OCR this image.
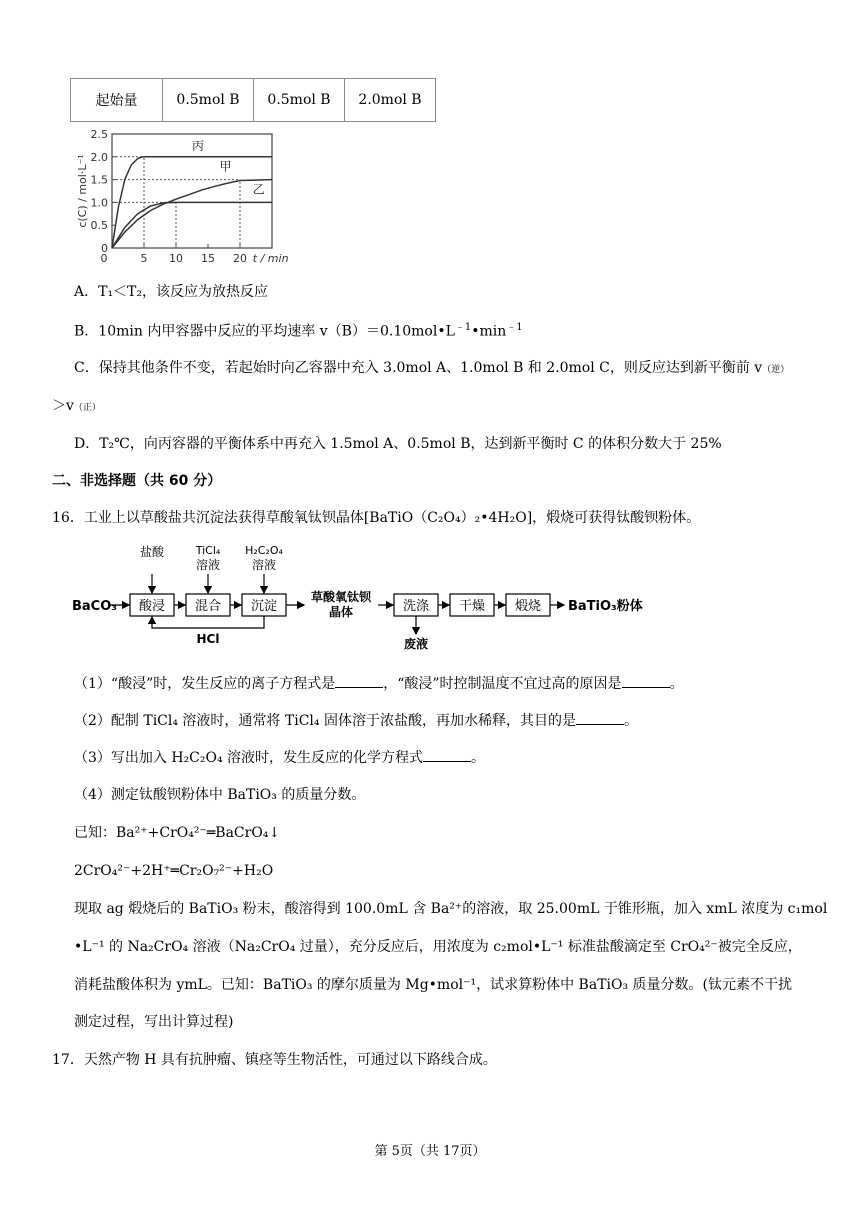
起始量	0.5mol B	0.5mol B	2.0mol B
0
0.5
1.0
1.5
2.0
2.5
0	5 10 15 20 t / min
c(C) / mol·L⁻¹
丙
甲
乙
A．T₁＜T₂，该反应为放热反应
B．10min 内甲容器中反应的平均速率 $v(B)=0.10mol•L^{﹣1}•\min^{﹣1}$
C．保持其他条件不变，若起始时向乙容器中充入 3.0mol A、1.0mol B 和 2.0mol C，则反应达到新平衡前 v（逆）
＞v（正）
D．T₂℃，向丙容器的平衡体系中再充入 1.5mol A、0.5mol B，达到新平衡时 C 的体积分数大于 25%
二、非选择题（共 60 分）
16．工业上以草酸盐共沉淀法获得草酸氧钛钡晶体[BaTiO（C₂O₄）₂•4H₂O]，煅烧可获得钛酸钡粉体。
BaCO₃
盐酸	TiCl₄
溶液
H₂C₂O₄
溶液
酸浸 混合 沉淀
草酸氧钛钡
晶体	洗涤 干燥 煅烧 BaTiO₃粉体
HCl	废液
（1）“酸浸”时，发生反应的离子方程式是	，“酸浸”时控制温度不宜过高的原因是	。
（2）配制 TiCl₄ 溶液时，通常将 TiCl₄ 固体溶于浓盐酸，再加水稀释，其目的是	。
（3）写出加入 H₂C₂O₄ 溶液时，发生反应的化学方程式	。
（4）测定钛酸钡粉体中 BaTiO₃ 的质量分数。
已知：Ba²⁺+CrO₄²⁻═BaCrO₄↓
2CrO₄²⁻+2H⁺═Cr₂O₇²⁻+H₂O
现取 ag 煅烧后的 BaTiO₃ 粉末，酸溶得到 100.0mL 含 Ba²⁺的溶液，取 25.00mL 于锥形瓶，加入 xmL 浓度为 c₁mol
•L⁻¹ 的 Na₂CrO₄ 溶液（Na₂CrO₄ 过量），充分反应后，用浓度为 c₂mol•L⁻¹ 标准盐酸滴定至 CrO₄²⁻被完全反应，
消耗盐酸体积为 ymL。已知：BaTiO₃ 的摩尔质量为 Mg•mol⁻¹，试求算粉体中 BaTiO₃ 质量分数。(钛元素不干扰
测定过程，写出计算过程)
17．天然产物 H 具有抗肿瘤、镇痉等生物活性，可通过以下路线合成。
第 5页（共 17页）
